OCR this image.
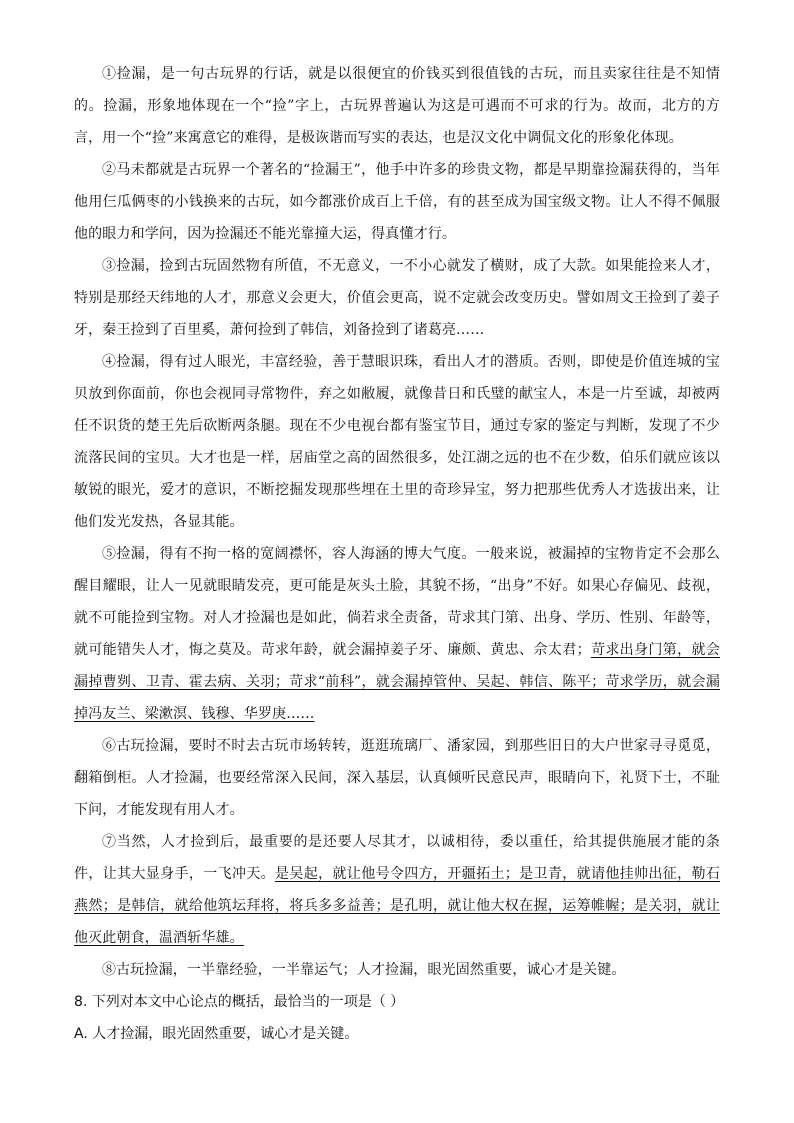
①捡漏，是一句古玩界的行话，就是以很便宜的价钱买到很值钱的古玩，而且卖家往往是不知情的。捡漏，形象地体现在一个“捡”字上，古玩界普遍认为这是可遇而不可求的行为。故而，北方的方言，用一个“捡”来寓意它的难得，是极诙谐而写实的表达，也是汉文化中调侃文化的形象化体现。

②马未都就是古玩界一个著名的“捡漏王”，他手中许多的珍贵文物，都是早期靠捡漏获得的，当年他用仨瓜俩枣的小钱换来的古玩，如今都涨价成百上千倍，有的甚至成为国宝级文物。让人不得不佩服他的眼力和学问，因为捡漏还不能光靠撞大运，得真懂才行。

③捡漏，捡到古玩固然物有所值，不无意义，一不小心就发了横财，成了大款。如果能捡来人才，特别是那经天纬地的人才，那意义会更大，价值会更高，说不定就会改变历史。譬如周文王捡到了姜子牙，秦王捡到了百里奚，萧何捡到了韩信，刘备捡到了诸葛亮……

④捡漏，得有过人眼光，丰富经验，善于慧眼识珠，看出人才的潜质。否则，即使是价值连城的宝贝放到你面前，你也会视同寻常物件，弃之如敝履，就像昔日和氏璧的献宝人，本是一片至诚，却被两任不识货的楚王先后砍断两条腿。现在不少电视台都有鉴宝节目，通过专家的鉴定与判断，发现了不少流落民间的宝贝。大才也是一样，居庙堂之高的固然很多，处江湖之远的也不在少数，伯乐们就应该以敏锐的眼光，爱才的意识，不断挖掘发现那些埋在土里的奇珍异宝，努力把那些优秀人才选拔出来，让他们发光发热，各显其能。

⑤捡漏，得有不拘一格的宽阔襟怀，容人海涵的博大气度。一般来说，被漏掉的宝物肯定不会那么醒目耀眼，让人一见就眼睛发亮，更可能是灰头土脸，其貌不扬，“出身”不好。如果心存偏见、歧视，就不可能捡到宝物。对人才捡漏也是如此，倘若求全责备，苛求其门第、出身、学历、性别、年龄等，就可能错失人才，悔之莫及。苛求年龄，就会漏掉姜子牙、廉颇、黄忠、佘太君；苛求出身门第，就会漏掉曹刿、卫青、霍去病、关羽；苛求“前科”，就会漏掉管仲、吴起、韩信、陈平；苛求学历，就会漏掉冯友兰、梁漱溟、钱穆、华罗庚……

⑥古玩捡漏，要时不时去古玩市场转转，逛逛琉璃厂、潘家园，到那些旧日的大户世家寻寻觅觅，翻箱倒柜。人才捡漏，也要经常深入民间，深入基层，认真倾听民意民声，眼睛向下，礼贤下士，不耻下问，才能发现有用人才。

⑦当然，人才捡到后，最重要的是还要人尽其才，以诚相待，委以重任，给其提供施展才能的条件，让其大显身手，一飞冲天。是吴起，就让他号令四方，开疆拓土；是卫青，就请他挂帅出征，勒石燕然；是韩信，就给他筑坛拜将，将兵多多益善；是孔明，就让他大权在握，运筹帷幄；是关羽，就让他灭此朝食，温酒斩华雄。

⑧古玩捡漏，一半靠经验，一半靠运气；人才捡漏，眼光固然重要，诚心才是关键。

8. 下列对本文中心论点的概括，最恰当的一项是（ ）

A. 人才捡漏，眼光固然重要，诚心才是关键。
